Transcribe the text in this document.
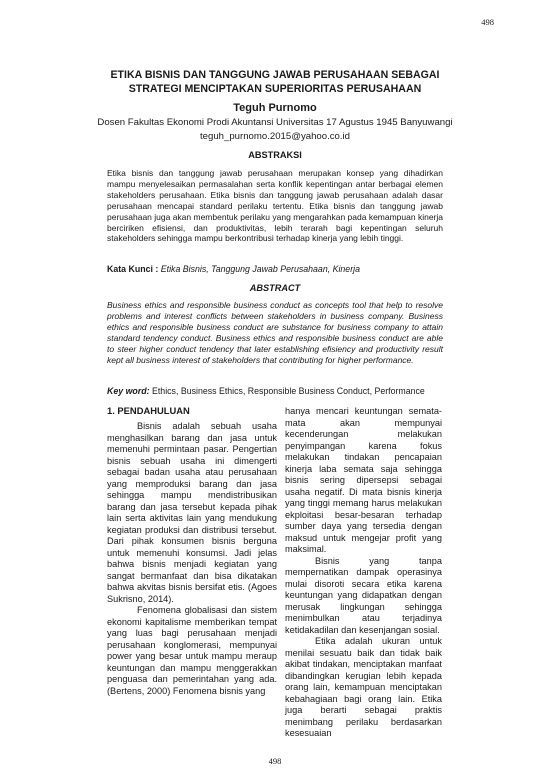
498
ETIKA BISNIS DAN TANGGUNG JAWAB PERUSAHAAN SEBAGAI
STRATEGI MENCIPTAKAN SUPERIORITAS PERUSAHAAN
Teguh Purnomo
Dosen Fakultas Ekonomi Prodi Akuntansi Universitas 17 Agustus 1945 Banyuwangi
teguh_purnomo.2015@yahoo.co.id
ABSTRAKSI
Etika bisnis dan tanggung jawab perusahaan merupakan konsep yang dihadirkan mampu menyelesaikan permasalahan serta konflik kepentingan antar berbagai elemen stakeholders perusahaan. Etika bisnis dan tanggung jawab perusahaan adalah dasar perusahaan mencapai standard perilaku tertentu. Etika bisnis dan tanggung jawab perusahaan juga akan membentuk perilaku yang mengarahkan pada kemampuan kinerja berciriken efisiensi, dan produktivitas, lebih terarah bagi kepentingan seluruh stakeholders sehingga mampu berkontribusi terhadap kinerja yang lebih tinggi.
Kata Kunci : Etika Bisnis, Tanggung Jawab Perusahaan, Kinerja
ABSTRACT
Business ethics and responsible business conduct as concepts tool that help to resolve problems and interest conflicts between stakeholders in business company. Business ethics and responsible business conduct are substance for business company to attain standard tendency conduct. Business ethics and responsible business conduct are able to steer higher conduct tendency that later establishing efisiency and productivity result kept all business interest of stakeholders that contributing for higher performance.
Key word: Ethics, Business Ethics, Responsible Business Conduct, Performance
1. PENDAHULUAN

Bisnis adalah sebuah usaha menghasilkan barang dan jasa untuk memenuhi permintaan pasar. Pengertian bisnis sebuah usaha ini dimengerti sebagai badan usaha atau perusahaan yang memproduksi barang dan jasa sehingga mampu mendistribusikan barang dan jasa tersebut kepada pihak lain serta aktivitas lain yang mendukung kegiatan produksi dan distribusi tersebut. Dari pihak konsumen bisnis berguna untuk memenuhi konsumsi. Jadi jelas bahwa bisnis menjadi kegiatan yang sangat bermanfaat dan bisa dikatakan bahwa akvitas bisnis bersifat etis. (Agoes Sukrisno, 2014).

Fenomena globalisasi dan sistem ekonomi kapitalisme memberikan tempat yang luas bagi perusahaan menjadi perusahaan konglomerasi, mempunyai power yang besar untuk mampu meraup keuntungan dan mampu menggerakkan penguasa dan pemerintahan yang ada. (Bertens, 2000) Fenomena bisnis yang

hanya mencari keuntungan semata-mata akan mempunyai kecenderungan melakukan penyimpangan karena fokus melakukan tindakan pencapaian kinerja laba semata saja sehingga bisnis sering dipersepsi sebagai usaha negatif. Di mata bisnis kinerja yang tinggi memang harus melakukan ekploitasi besar-besaran terhadap sumber daya yang tersedia dengan maksud untuk mengejar profit yang maksimal.

Bisnis yang tanpa mempernatikan dampak operasinya mulai disoroti secara etika karena keuntungan yang didapatkan dengan merusak lingkungan sehingga menimbulkan atau terjadinya ketidakadilan dan kesenjangan sosial.

Etika adalah ukuran untuk menilai sesuatu baik dan tidak baik akibat tindakan, menciptakan manfaat dibandingkan kerugian lebih kepada orang lain, kemampuan menciptakan kebahagiaan bagi orang lain. Etika juga berarti sebagai praktis menimbang perilaku berdasarkan kesesuaian

498
